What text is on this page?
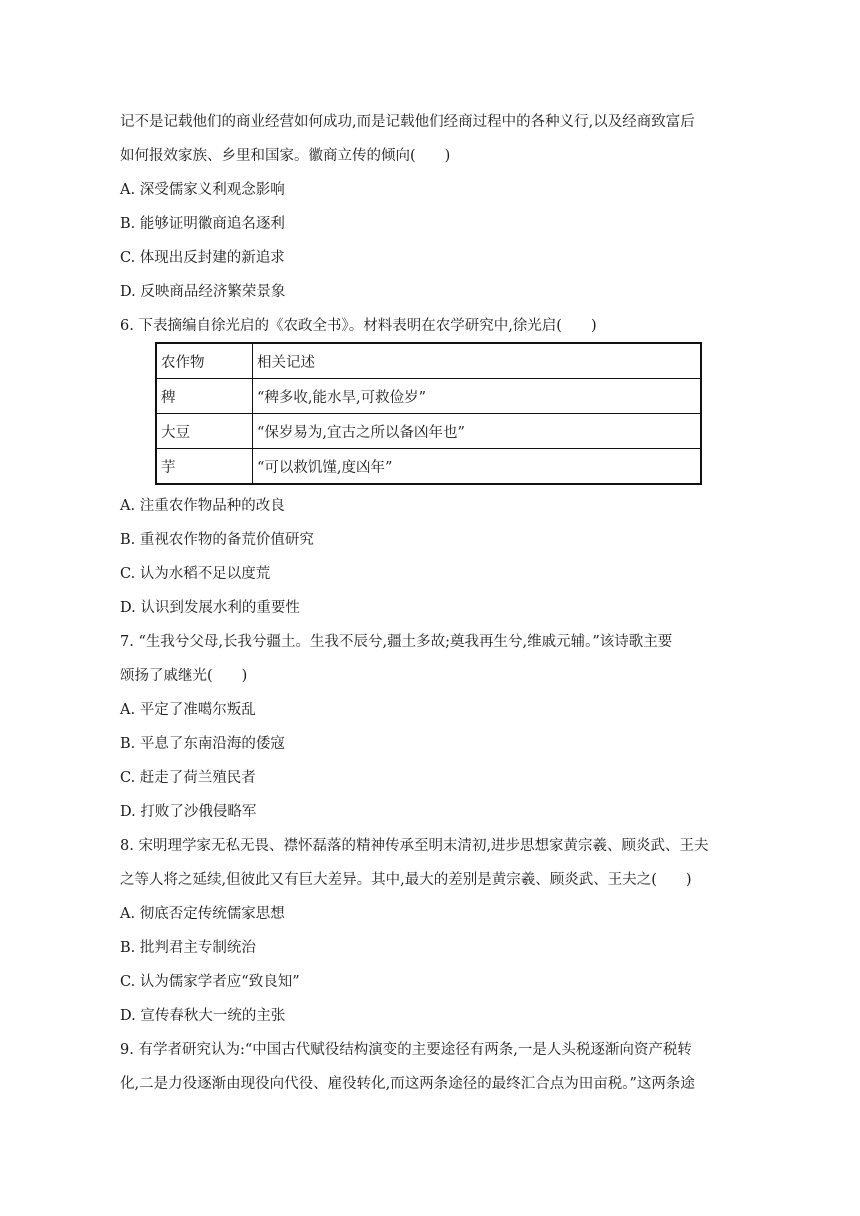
记不是记载他们的商业经营如何成功,而是记载他们经商过程中的各种义行,以及经商致富后
如何报效家族、乡里和国家。徽商立传的倾向(　　)
A. 深受儒家义利观念影响
B. 能够证明徽商追名逐利
C. 体现出反封建的新追求
D. 反映商品经济繁荣景象
6. 下表摘编自徐光启的《农政全书》。材料表明在农学研究中,徐光启(　　)
农作物	相关记述
稗	“稗多收,能水旱,可救俭岁”
大豆	“保岁易为,宜古之所以备凶年也”
芋	“可以救饥馑,度凶年”
A. 注重农作物品种的改良
B. 重视农作物的备荒价值研究
C. 认为水稻不足以度荒
D. 认识到发展水利的重要性
7. “生我兮父母,长我兮疆土。生我不辰兮,疆土多故;奠我再生兮,维戚元辅。”该诗歌主要
颂扬了戚继光(　　)
A. 平定了准噶尔叛乱
B. 平息了东南沿海的倭寇
C. 赶走了荷兰殖民者
D. 打败了沙俄侵略军
8. 宋明理学家无私无畏、襟怀磊落的精神传承至明末清初,进步思想家黄宗羲、顾炎武、王夫
之等人将之延续,但彼此又有巨大差异。其中,最大的差别是黄宗羲、顾炎武、王夫之(　　)
A. 彻底否定传统儒家思想
B. 批判君主专制统治
C. 认为儒家学者应“致良知”
D. 宣传春秋大一统的主张
9. 有学者研究认为:“中国古代赋役结构演变的主要途径有两条,一是人头税逐渐向资产税转
化,二是力役逐渐由现役向代役、雇役转化,而这两条途径的最终汇合点为田亩税。”这两条途
